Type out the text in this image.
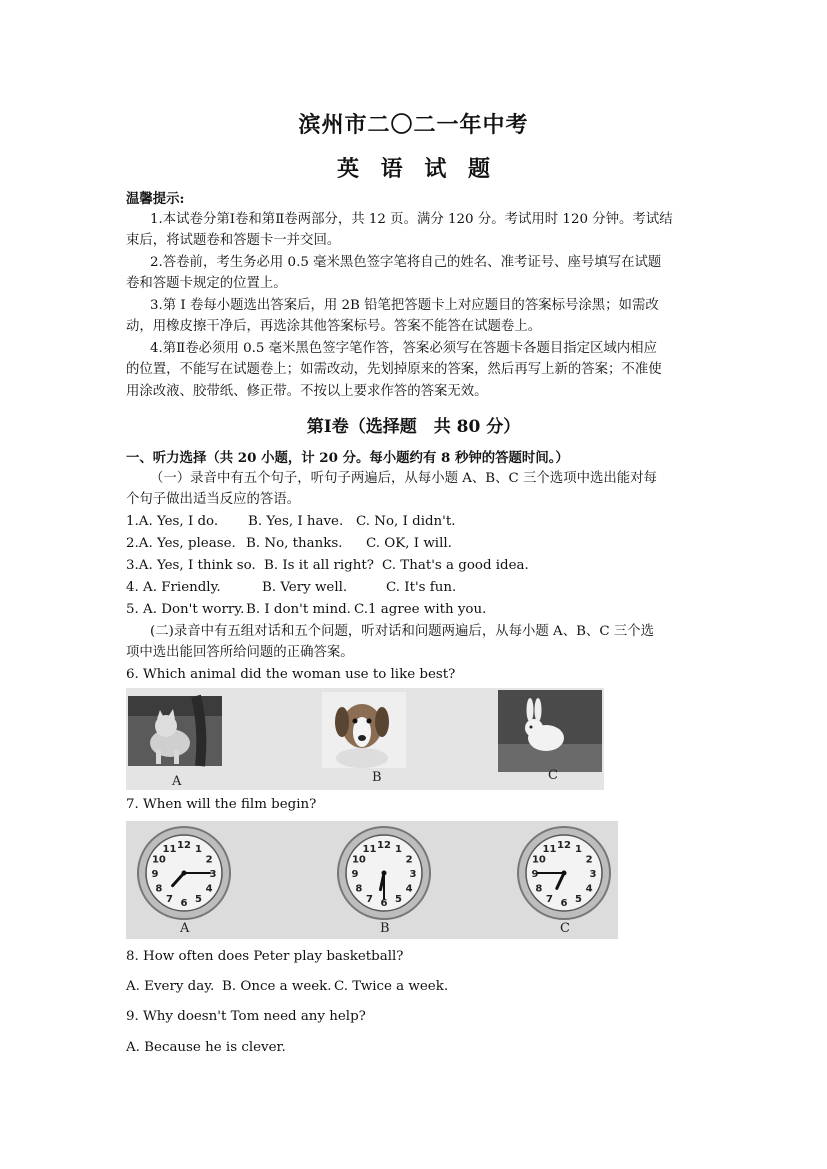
滨州市二〇二一年中考
英 语 试 题
温馨提示:
1.本试卷分第Ⅰ卷和第Ⅱ卷两部分，共 12 页。满分 120 分。考试用时 120 分钟。考试结
束后，将试题卷和答题卡一并交回。
2.答卷前，考生务必用 0.5 毫米黑色签字笔将自己的姓名、准考证号、座号填写在试题
卷和答题卡规定的位置上。
3.第 I 卷每小题选出答案后，用 2B 铅笔把答题卡上对应题目的答案标号涂黑；如需改
动，用橡皮擦干净后，再选涂其他答案标号。答案不能答在试题卷上。
4.第Ⅱ卷必须用 0.5 毫米黑色签字笔作答，答案必须写在答题卡各题目指定区域内相应
的位置，不能写在试题卷上；如需改动，先划掉原来的答案，然后再写上新的答案；不准使
用涂改液、胶带纸、修正带。不按以上要求作答的答案无效。
第Ⅰ卷（选择题　共 80 分）
一、听力选择（共 20 小题，计 20 分。每小题约有 8 秒钟的答题时间。）
（一）录音中有五个句子，听句子两遍后，从每小题 A、B、C 三个选项中选出能对每
个句子做出适当反应的答语。
1.A. Yes, I do. B. Yes, I have. C. No, I didn't.
2.A. Yes, please. B. No, thanks. C. OK, I will.
3.A. Yes, I think so. B. Is it all right? C. That's a good idea.
4. A. Friendly.	B. Very well.	C. It's fun.
5. A. Don't worry. B. I don't mind. C.1 agree with you.
(二)录音中有五组对话和五个问题，听对话和问题两遍后，从每小题 A、B、C 三个选
项中选出能回答所给问题的正确答案。
6. Which animal did the woman use to like best?
A	B	C
7. When will the film begin?
12 1
2
3
4
5
6
7
8
9
10
11	12 1
2
3
4
5
6
7
8
9
10
11	12 1
2
3
4
5
6
7
8
9
10
11
A	B	C
8. How often does Peter play basketball?
A. Every day. B. Once a week. C. Twice a week.
9. Why doesn't Tom need any help?
A. Because he is clever.
